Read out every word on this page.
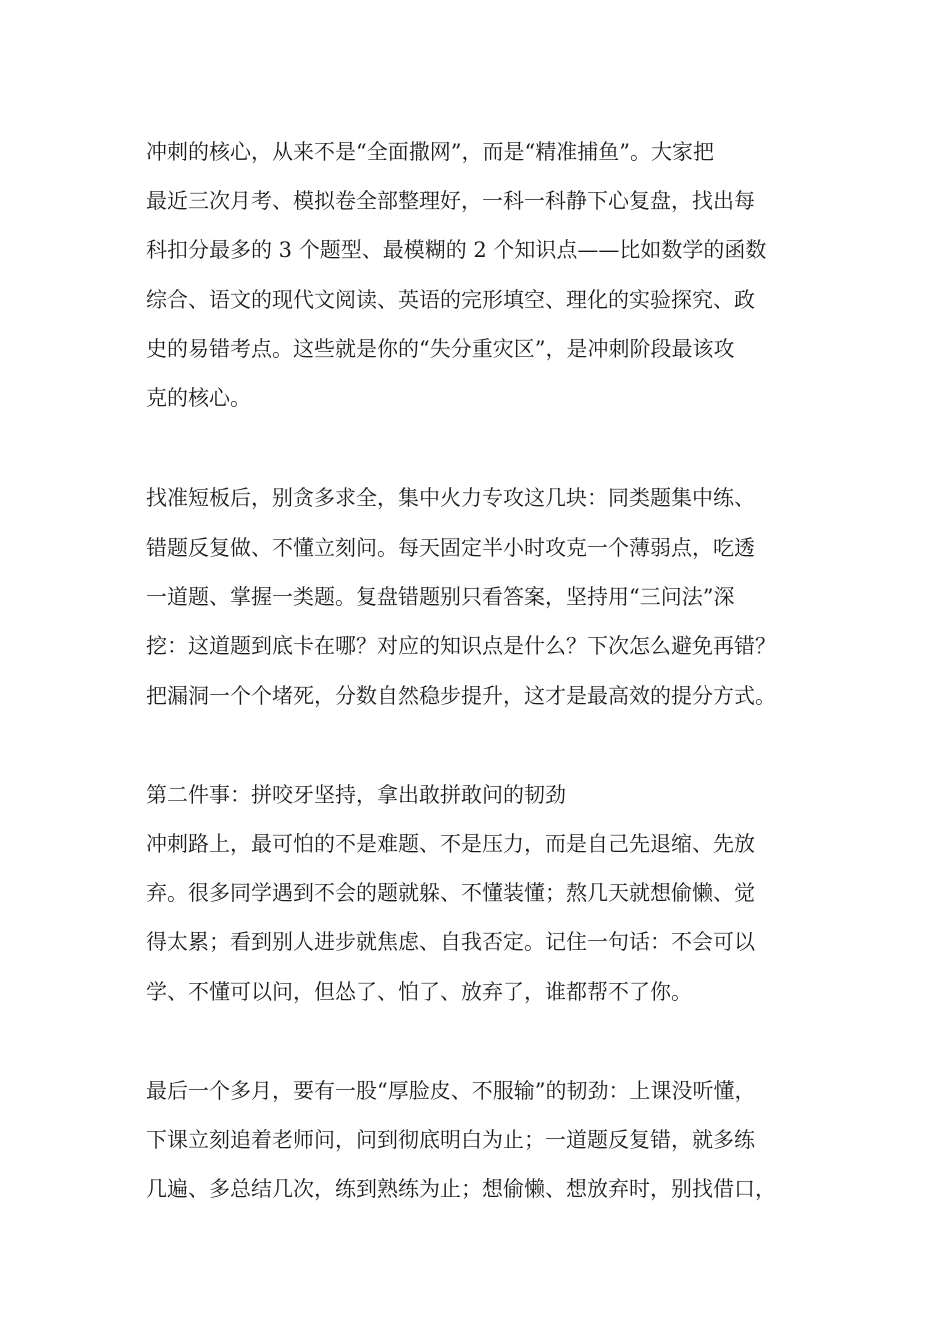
冲刺的核心，从来不是“全面撒网”，而是“精准捕鱼”。大家把

最近三次月考、模拟卷全部整理好，一科一科静下心复盘，找出每

科扣分最多的 3 个题型、最模糊的 2 个知识点——比如数学的函数

综合、语文的现代文阅读、英语的完形填空、理化的实验探究、政

史的易错考点。这些就是你的“失分重灾区”，是冲刺阶段最该攻

克的核心。

找准短板后，别贪多求全，集中火力专攻这几块：同类题集中练、

错题反复做、不懂立刻问。每天固定半小时攻克一个薄弱点，吃透

一道题、掌握一类题。复盘错题别只看答案，坚持用“三问法”深

挖：这道题到底卡在哪？对应的知识点是什么？下次怎么避免再错？

把漏洞一个个堵死，分数自然稳步提升，这才是最高效的提分方式。

第二件事：拼咬牙坚持，拿出敢拼敢问的韧劲

冲刺路上，最可怕的不是难题、不是压力，而是自己先退缩、先放

弃。很多同学遇到不会的题就躲、不懂装懂；熬几天就想偷懒、觉

得太累；看到别人进步就焦虑、自我否定。记住一句话：不会可以

学、不懂可以问，但怂了、怕了、放弃了，谁都帮不了你。

最后一个多月，要有一股“厚脸皮、不服输”的韧劲：上课没听懂，

下课立刻追着老师问，问到彻底明白为止；一道题反复错，就多练

几遍、多总结几次，练到熟练为止；想偷懒、想放弃时，别找借口，
